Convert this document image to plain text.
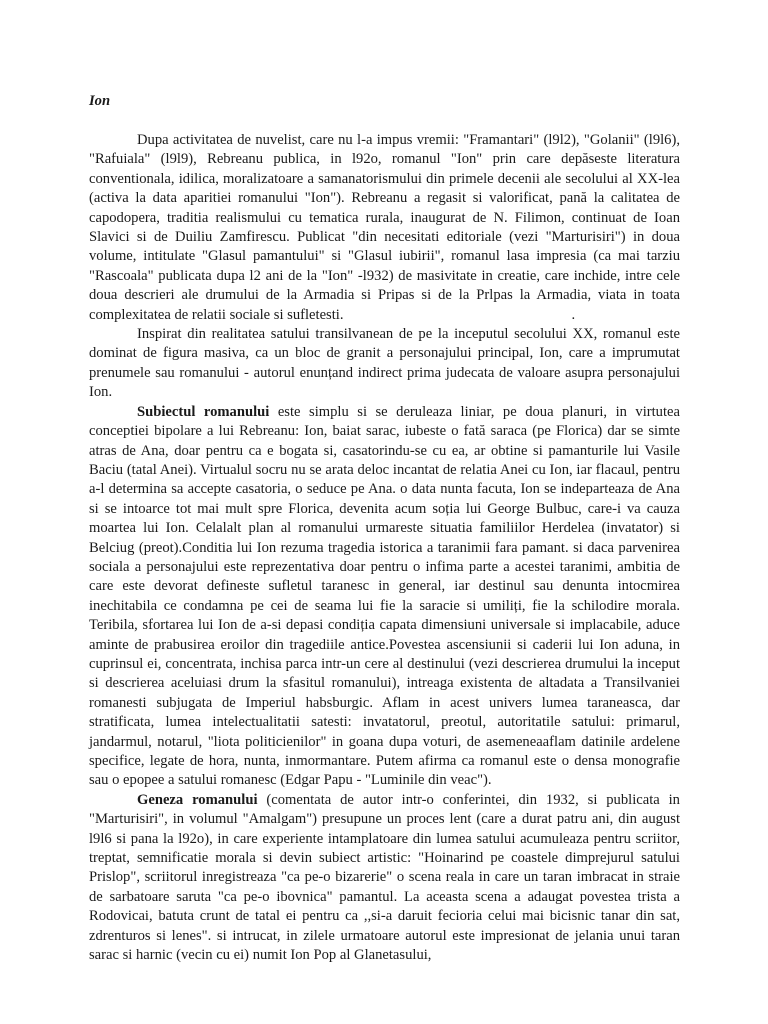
Ion

Dupa activitatea de nuvelist, care nu l-a impus vremii: "Framantari" (l9l2), "Golanii" (l9l6), "Rafuiala" (l9l9), Rebreanu publica, in l92o, romanul "Ion" prin care depăseste literatura conventionala, idilica, moralizatoare a samanatorismului din primele decenii ale secolului al XX-lea (activa la data aparitiei romanului "Ion"). Rebreanu a regasit si valorificat, pană la calitatea de capodopera, traditia realismului cu tematica rurala, inaugurat de N. Filimon, continuat de Ioan Slavici si de Duiliu Zamfirescu. Publicat "din necesitati editoriale (vezi "Marturisiri") in doua volume, intitulate "Glasul pamantului" si "Glasul iubirii", romanul lasa impresia (ca mai tarziu "Rascoala" publicata dupa l2 ani de la "Ion" -l932) de masivitate in creatie, care inchide, intre cele doua descrieri ale drumului de la Armadia si Pripas si de la Prlpas la Armadia, viata in toata complexitatea de relatii sociale si sufletesti.	.

Inspirat din realitatea satului transilvanean de pe la inceputul secolului XX, romanul este dominat de figura masiva, ca un bloc de granit a personajului principal, Ion, care a imprumutat prenumele sau romanului - autorul enunțand indirect prima judecata de valoare asupra personajului Ion.

Subiectul romanului este simplu si se deruleaza liniar, pe doua planuri, in virtutea conceptiei bipolare a lui Rebreanu: Ion, baiat sarac, iubeste o fată saraca (pe Florica) dar se simte atras de Ana, doar pentru ca e bogata si, casatorindu-se cu ea, ar obtine si pamanturile lui Vasile Baciu (tatal Anei). Virtualul socru nu se arata deloc incantat de relatia Anei cu Ion, iar flacaul, pentru a-l determina sa accepte casatoria, o seduce pe Ana. o data nunta facuta, Ion se indeparteaza de Ana si se intoarce tot mai mult spre Florica, devenita acum soția lui George Bulbuc, care-i va cauza moartea lui Ion. Celalalt plan al romanului urmareste situatia familiilor Herdelea (invatator) si Belciug (preot).Conditia lui Ion rezuma tragedia istorica a taranimii fara pamant. si daca parvenirea sociala a personajului este reprezentativa doar pentru o infima parte a acestei taranimi, ambitia de care este devorat defineste sufletul taranesc in general, iar destinul sau denunta intocmirea inechitabila ce condamna pe cei de seama lui fie la saracie si umiliți, fie la schilodire morala. Teribila, sfortarea lui Ion de a-si depasi condiția capata dimensiuni universale si implacabile, aduce aminte de prabusirea eroilor din tragediile antice.Povestea ascensiunii si caderii lui Ion aduna, in cuprinsul ei, concentrata, inchisa parca intr-un cere al destinului (vezi descrierea drumului la inceput si descrierea aceluiasi drum la sfasitul romanului), intreaga existenta de altadata a Transilvaniei romanesti subjugata de Imperiul habsburgic. Aflam in acest univers lumea taraneasca, dar stratificata, lumea intelectualitatii satesti: invatatorul, preotul, autoritatile satului: primarul, jandarmul, notarul, "liota politicienilor" in goana dupa voturi, de asemeneaaflam datinile ardelene specifice, legate de hora, nunta, inmormantare. Putem afirma ca romanul este o densa monografie sau o epopee a satului romanesc (Edgar Papu - "Luminile din veac").

Geneza romanului (comentata de autor intr-o conferintei, din 1932, si publicata in "Marturisiri", in volumul "Amalgam") presupune un proces lent (care a durat patru ani, din august l9l6 si pana la l92o), in care experiente intamplatoare din lumea satului acumuleaza pentru scriitor, treptat, semnificatie morala si devin subiect artistic: "Hoinarind pe coastele dimprejurul satului Prislop", scriitorul inregistreaza "ca pe-o bizarerie" o scena reala in care un taran imbracat in straie de sarbatoare saruta "ca pe-o ibovnica" pamantul. La aceasta scena a adaugat povestea trista a Rodovicai, batuta crunt de tatal ei pentru ca ,,si-a daruit fecioria celui mai bicisnic tanar din sat, zdrenturos si lenes". si intrucat, in zilele urmatoare autorul este impresionat de jelania unui taran sarac si harnic (vecin cu ei) numit Ion Pop al Glanetasului,
